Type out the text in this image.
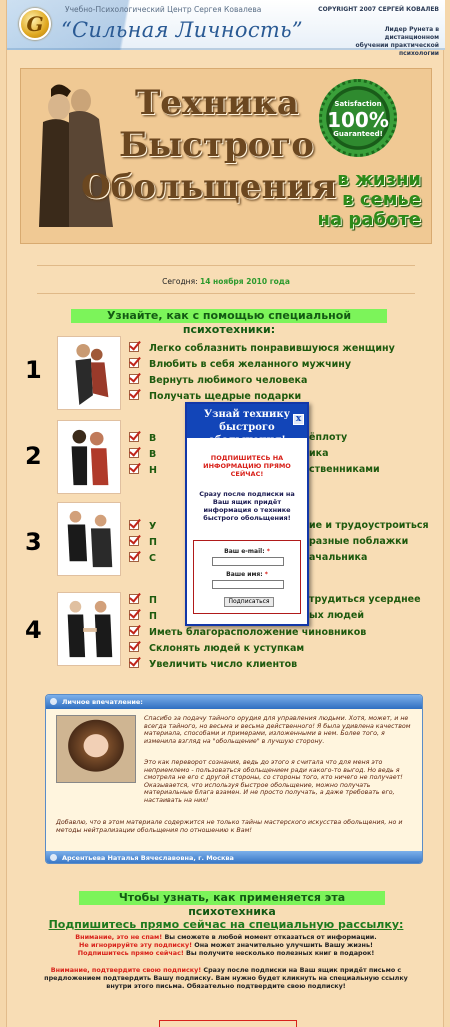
G
Учебно-Психологический Центр Сергея Ковалева
“Сильная Личность”
COPYRIGHT 2007 СЕРГЕЙ КОВАЛЕВ
Лидер Рунета в дистанционном обучении практической психологии
Техника
Быстрого
Обольщения
Satisfaction
100%
Guaranteed!
в жизни
в семье
на работе
Сегодня: 14 ноября 2010 года
Узнайте, как с помощью специальной психотехники:
1
Легко соблазнить понравившуюся женщину
Влюбить в себя желанного мужчину
Вернуть любимого человека
Получать щедрые подарки
2
В
В
Н
ёплоту
ика
ственниками
3
У
П
С
ие и трудоустроиться
разные поблажки
ачальника
4
П
П
Иметь благорасположение чиновников
Склонять людей к уступкам
Увеличить число клиентов
трудиться усерднее
ых людей
Узнай технику быстрого обольщения!
x
ПОДПИШИТЕСЬ НА ИНФОРМАЦИЮ ПРЯМО СЕЙЧАС!
Сразу после подписки на Ваш ящик придёт информация о технике быстрого обольщения!
Ваш e-mail: *
Ваше имя: *
Подписаться
Личное впечатление:
Спасибо за подачу тайного орудия для управления людьми. Хотя, может, и не всегда тайного, но весьма и весьма действенного! Я была удивлена качеством материала, способами и примерами, изложенными в нем. Более того, я изменила взгляд на "обольщение" в лучшую сторону.
Это как переворот сознания, ведь до этого я считала что для меня это неприемлемо - пользоваться обольщением ради какого-то выгод. Но ведь я смотрела не его с другой стороны, со стороны того, кто ничего не получает! Оказывается, что используя быстрое обольщение, можно получать материальные блага взамен. И не просто получать, а даже требовать его, настаивать на них!
Добавлю, что в этом материале содержится не только тайны мастерского искусства обольщения, но и методы нейтрализации обольщения по отношению к Вам!
Арсентьева Наталья Вячеславовна, г. Москва
Чтобы узнать, как применяется эта психотехника
Подпишитесь прямо сейчас на специальную рассылку:
Внимание, это не спам! Вы сможете в любой момент отказаться от информации.
Не игнорируйте эту подписку! Она может значительно улучшить Вашу жизнь!
Подпишитесь прямо сейчас! Вы получите несколько полезных книг в подарок!
Внимание, подтвердите свою подписку! Сразу после подписки на Ваш ящик придёт письмо с
предложением подтвердить Вашу подписку. Вам нужно будет кликнуть на специальную ссылку
внутри этого письма. Обязательно подтвердите свою подписку!
